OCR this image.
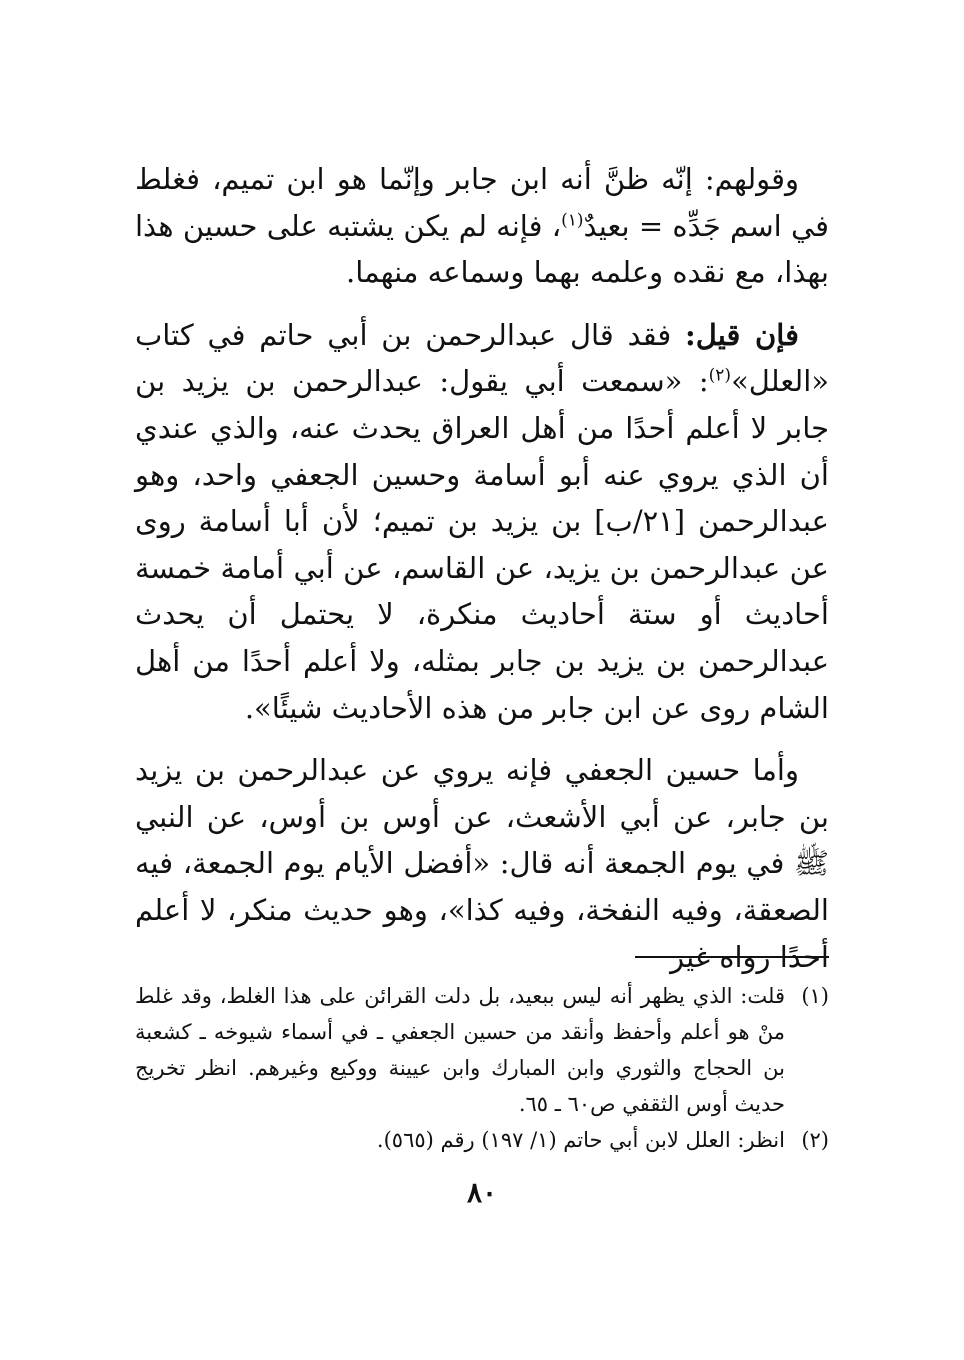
وقولهم: إنّه ظنَّ أنه ابن جابر وإنّما هو ابن تميم، فغلط في اسم جَدِّه = بعيدٌ$^{(١)}$، فإنه لم يكن يشتبه على حسين هذا بهذا، مع نقده وعلمه بهما وسماعه منهما.

فإن قيل: فقد قال عبدالرحمن بن أبي حاتم في كتاب «العلل»$^{(٢)}$: «سمعت أبي يقول: عبدالرحمن بن يزيد بن جابر لا أعلم أحدًا من أهل العراق يحدث عنه، والذي عندي أن الذي يروي عنه أبو أسامة وحسين الجعفي واحد، وهو عبدالرحمن [٢١/ب] بن يزيد بن تميم؛ لأن أبا أسامة روى عن عبدالرحمن بن يزيد، عن القاسم، عن أبي أمامة خمسة أحاديث أو ستة أحاديث منكرة، لا يحتمل أن يحدث عبدالرحمن بن يزيد بن جابر بمثله، ولا أعلم أحدًا من أهل الشام روى عن ابن جابر من هذه الأحاديث شيئًا».

وأما حسين الجعفي فإنه يروي عن عبدالرحمن بن يزيد بن جابر، عن أبي الأشعث، عن أوس بن أوس، عن النبي ﷺ في يوم الجمعة أنه قال: «أفضل الأيام يوم الجمعة، فيه الصعقة، وفيه النفخة، وفيه كذا»، وهو حديث منكر، لا أعلم أحدًا رواه غير

(١)
قلت: الذي يظهر أنه ليس ببعيد، بل دلت القرائن على هذا الغلط، وقد غلط منْ هو أعلم وأحفظ وأنقد من حسين الجعفي ـ في أسماء شيوخه ـ كشعبة بن الحجاج والثوري وابن المبارك وابن عيينة ووكيع وغيرهم. انظر تخريج حديث أوس الثقفي ص٦٠ ـ ٦٥.
(٢)
انظر: العلل لابن أبي حاتم (١/ ١٩٧) رقم (٥٦٥).
٨٠
